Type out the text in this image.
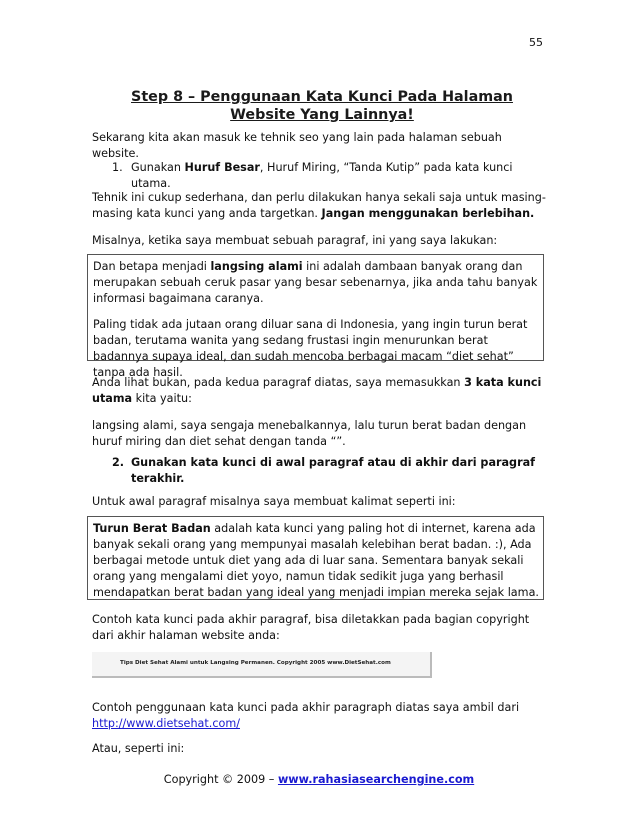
55
Step 8 – Penggunaan Kata Kunci Pada Halaman
Website Yang Lainnya!
Sekarang kita akan masuk ke tehnik seo yang lain pada halaman sebuah website.
1. Gunakan Huruf Besar, Huruf Miring, “Tanda Kutip” pada kata kunci utama.
Tehnik ini cukup sederhana, dan perlu dilakukan hanya sekali saja untuk masing-masing kata kunci yang anda targetkan. Jangan menggunakan berlebihan.
Misalnya, ketika saya membuat sebuah paragraf, ini yang saya lakukan:

Dan betapa menjadi langsing alami ini adalah dambaan banyak orang dan merupakan sebuah ceruk pasar yang besar sebenarnya, jika anda tahu banyak informasi bagaimana caranya.

Paling tidak ada jutaan orang diluar sana di Indonesia, yang ingin turun berat badan, terutama wanita yang sedang frustasi ingin menurunkan berat badannya supaya ideal, dan sudah mencoba berbagai macam “diet sehat” tanpa ada hasil.

Anda lihat bukan, pada kedua paragraf diatas, saya memasukkan 3 kata kunci utama kita yaitu:
langsing alami, saya sengaja menebalkannya, lalu turun berat badan dengan huruf miring dan diet sehat dengan tanda “”.
2. Gunakan kata kunci di awal paragraf atau di akhir dari paragraf terakhir.
Untuk awal paragraf misalnya saya membuat kalimat seperti ini:

Turun Berat Badan adalah kata kunci yang paling hot di internet, karena ada banyak sekali orang yang mempunyai masalah kelebihan berat badan. :), Ada berbagai metode untuk diet yang ada di luar sana. Sementara banyak sekali orang yang mengalami diet yoyo, namun tidak sedikit juga yang berhasil mendapatkan berat badan yang ideal yang menjadi impian mereka sejak lama.

Contoh kata kunci pada akhir paragraf, bisa diletakkan pada bagian copyright dari akhir halaman website anda:
Tips Diet Sehat Alami untuk Langsing Permanen. Copyright 2005 www.DietSehat.com
Contoh penggunaan kata kunci pada akhir paragraph diatas saya ambil dari
http://www.dietsehat.com/
Atau, seperti ini:
Copyright © 2009 – www.rahasiasearchengine.com
